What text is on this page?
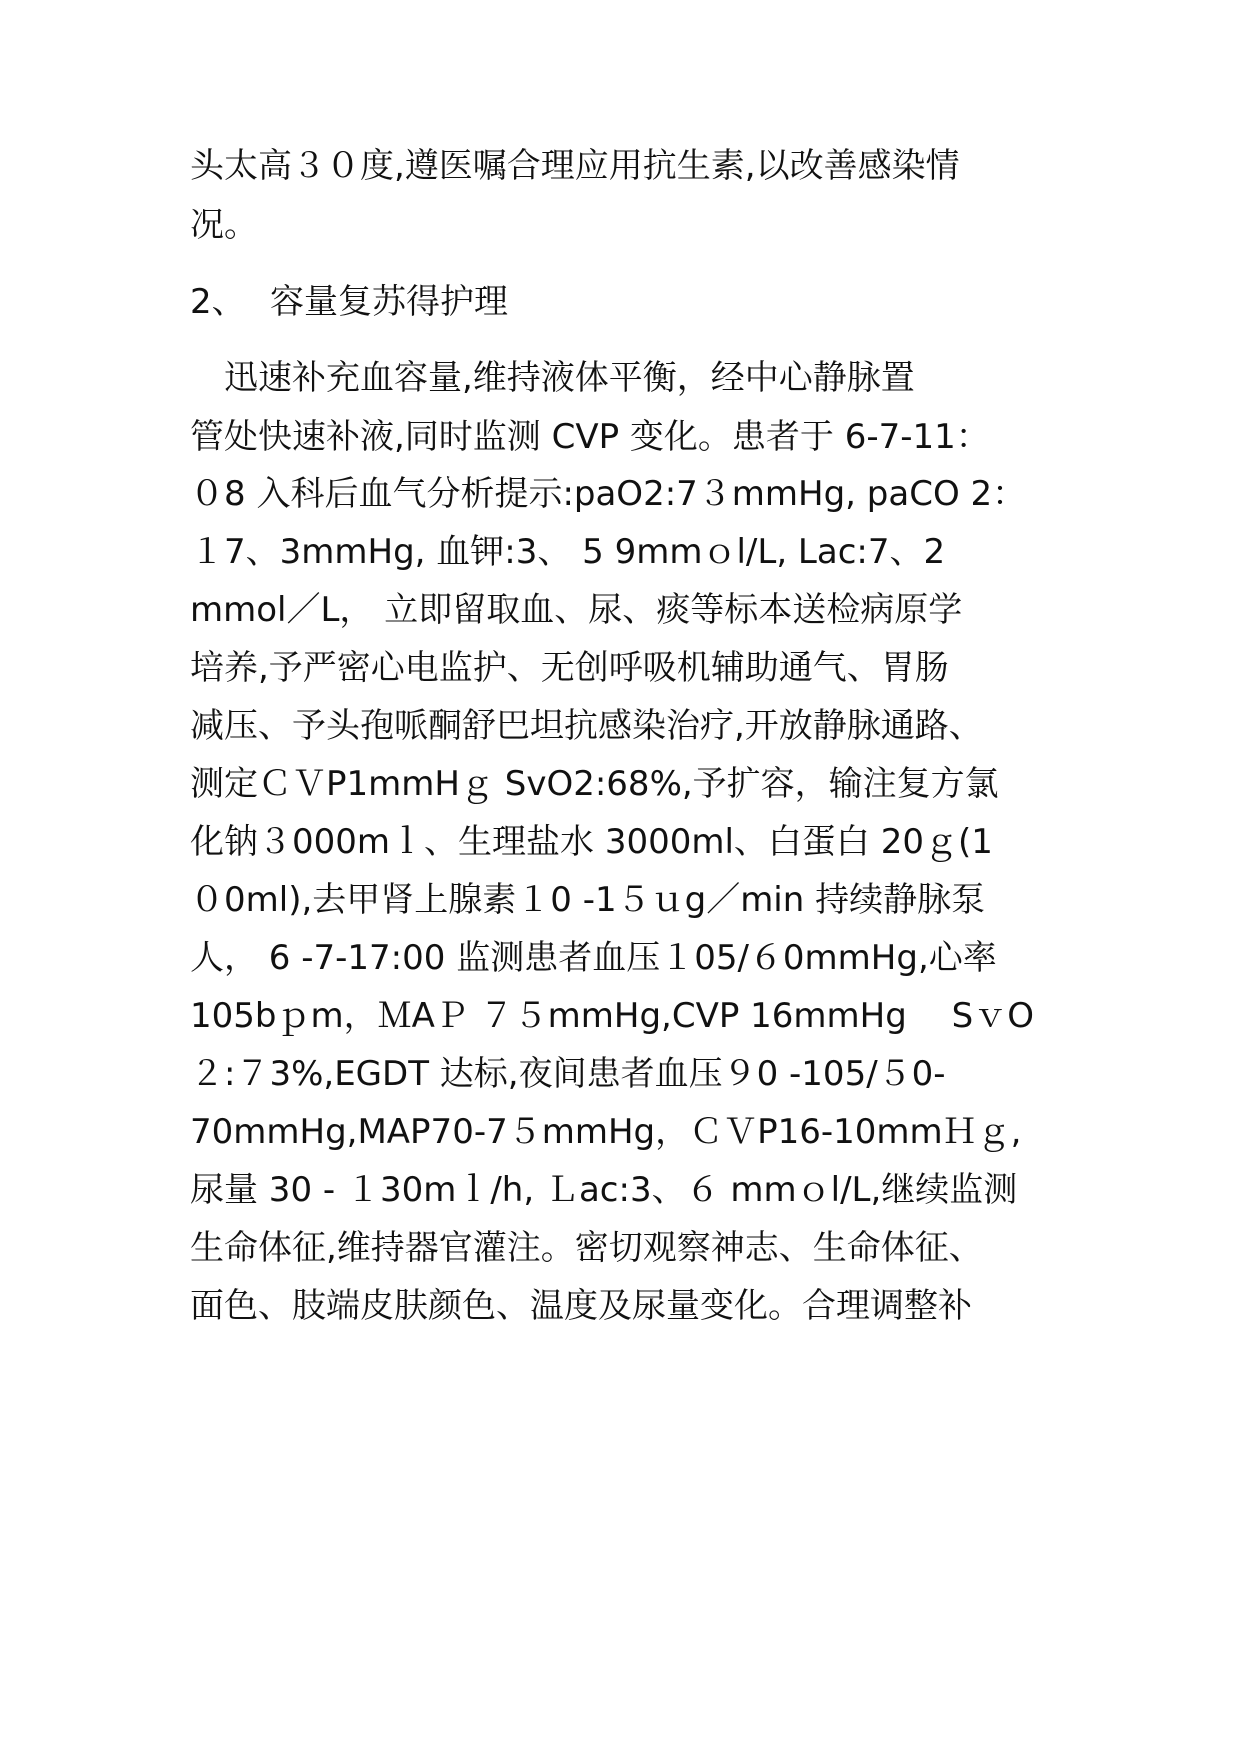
头太高３０度,遵医嘱合理应用抗生素,以改善感染情
况。
2、 容量复苏得护理
　迅速补充血容量,维持液体平衡，经中心静脉置
管处快速补液,同时监测 CVP 变化。患者于 6-7-11：
０8 入科后血气分析提示:paO2:7３mmHg, paCO 2：
１7、3mmHg, 血钾:3、 5 9mmｏl/L, Lac:7、2
mmol／L， 立即留取血、尿、痰等标本送检病原学
培养,予严密心电监护、无创呼吸机辅助通气、胃肠
减压、予头孢哌酮舒巴坦抗感染治疗,开放静脉通路、
测定ＣＶP1mmHｇ SvO2:68%,予扩容，输注复方氯
化钠３000mｌ、生理盐水 3000ml、白蛋白 20ｇ(1
０0ml),去甲肾上腺素１0 -1５ｕg／min 持续静脉泵
人， 6 -7-17:00 监测患者血压１05/６0mmHg,心率
105bｐm，ＭAＰ ７５mmHg,CVP 16mmHg 　SｖO
２:７3%,EGDT 达标,夜间患者血压９0 -105/５0-
70mmHg,MAP70-7５mmHg，ＣＶP16-10mmＨｇ,
尿量 30 - １30mｌ/h, Ｌac:3、６ mmｏl/L,继续监测
生命体征,维持器官灌注。密切观察神志、生命体征、
面色、肢端皮肤颜色、温度及尿量变化。合理调整补
